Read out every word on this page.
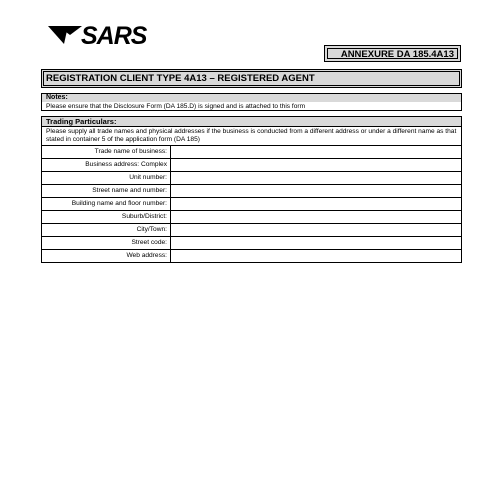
SARS
ANNEXURE DA 185.4A13
REGISTRATION CLIENT TYPE 4A13 – REGISTERED AGENT
Notes:
Please ensure that the Disclosure Form (DA 185.D) is signed and is attached to this form
Trading Particulars:
Please supply all trade names and physical addresses if the business is conducted from a different address or under a different name as that stated in container 5 of the application form (DA 185)
Trade name of business:
Business address: Complex
Unit number:
Street name and number:
Building name and floor number:
Suburb/District:
City/Town:
Street code:
Web address:
